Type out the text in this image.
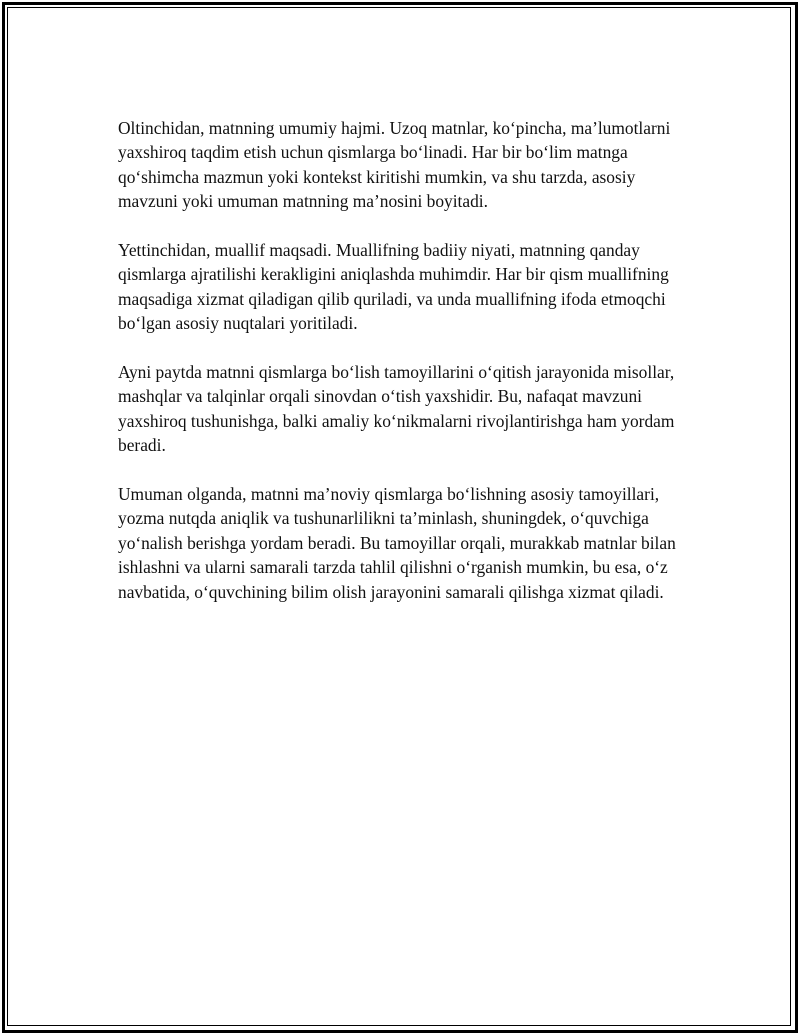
Oltinchidan, matnning umumiy hajmi. Uzoq matnlar, ko‘pincha, ma’lumotlarni yaxshiroq taqdim etish uchun qismlarga bo‘linadi. Har bir bo‘lim matnga qo‘shimcha mazmun yoki kontekst kiritishi mumkin, va shu tarzda, asosiy mavzuni yoki umuman matnning ma’nosini boyitadi.

Yettinchidan, muallif maqsadi. Muallifning badiiy niyati, matnning qanday qismlarga ajratilishi kerakligini aniqlashda muhimdir. Har bir qism muallifning maqsadiga xizmat qiladigan qilib quriladi, va unda muallifning ifoda etmoqchi bo‘lgan asosiy nuqtalari yoritiladi.

Ayni paytda matnni qismlarga bo‘lish tamoyillarini o‘qitish jarayonida misollar, mashqlar va talqinlar orqali sinovdan o‘tish yaxshidir. Bu, nafaqat mavzuni yaxshiroq tushunishga, balki amaliy ko‘nikmalarni rivojlantirishga ham yordam beradi.

Umuman olganda, matnni ma’noviy qismlarga bo‘lishning asosiy tamoyillari, yozma nutqda aniqlik va tushunarlilikni ta’minlash, shuningdek, o‘quvchiga yo‘nalish berishga yordam beradi. Bu tamoyillar orqali, murakkab matnlar bilan ishlashni va ularni samarali tarzda tahlil qilishni o‘rganish mumkin, bu esa, o‘z navbatida, o‘quvchining bilim olish jarayonini samarali qilishga xizmat qiladi.
